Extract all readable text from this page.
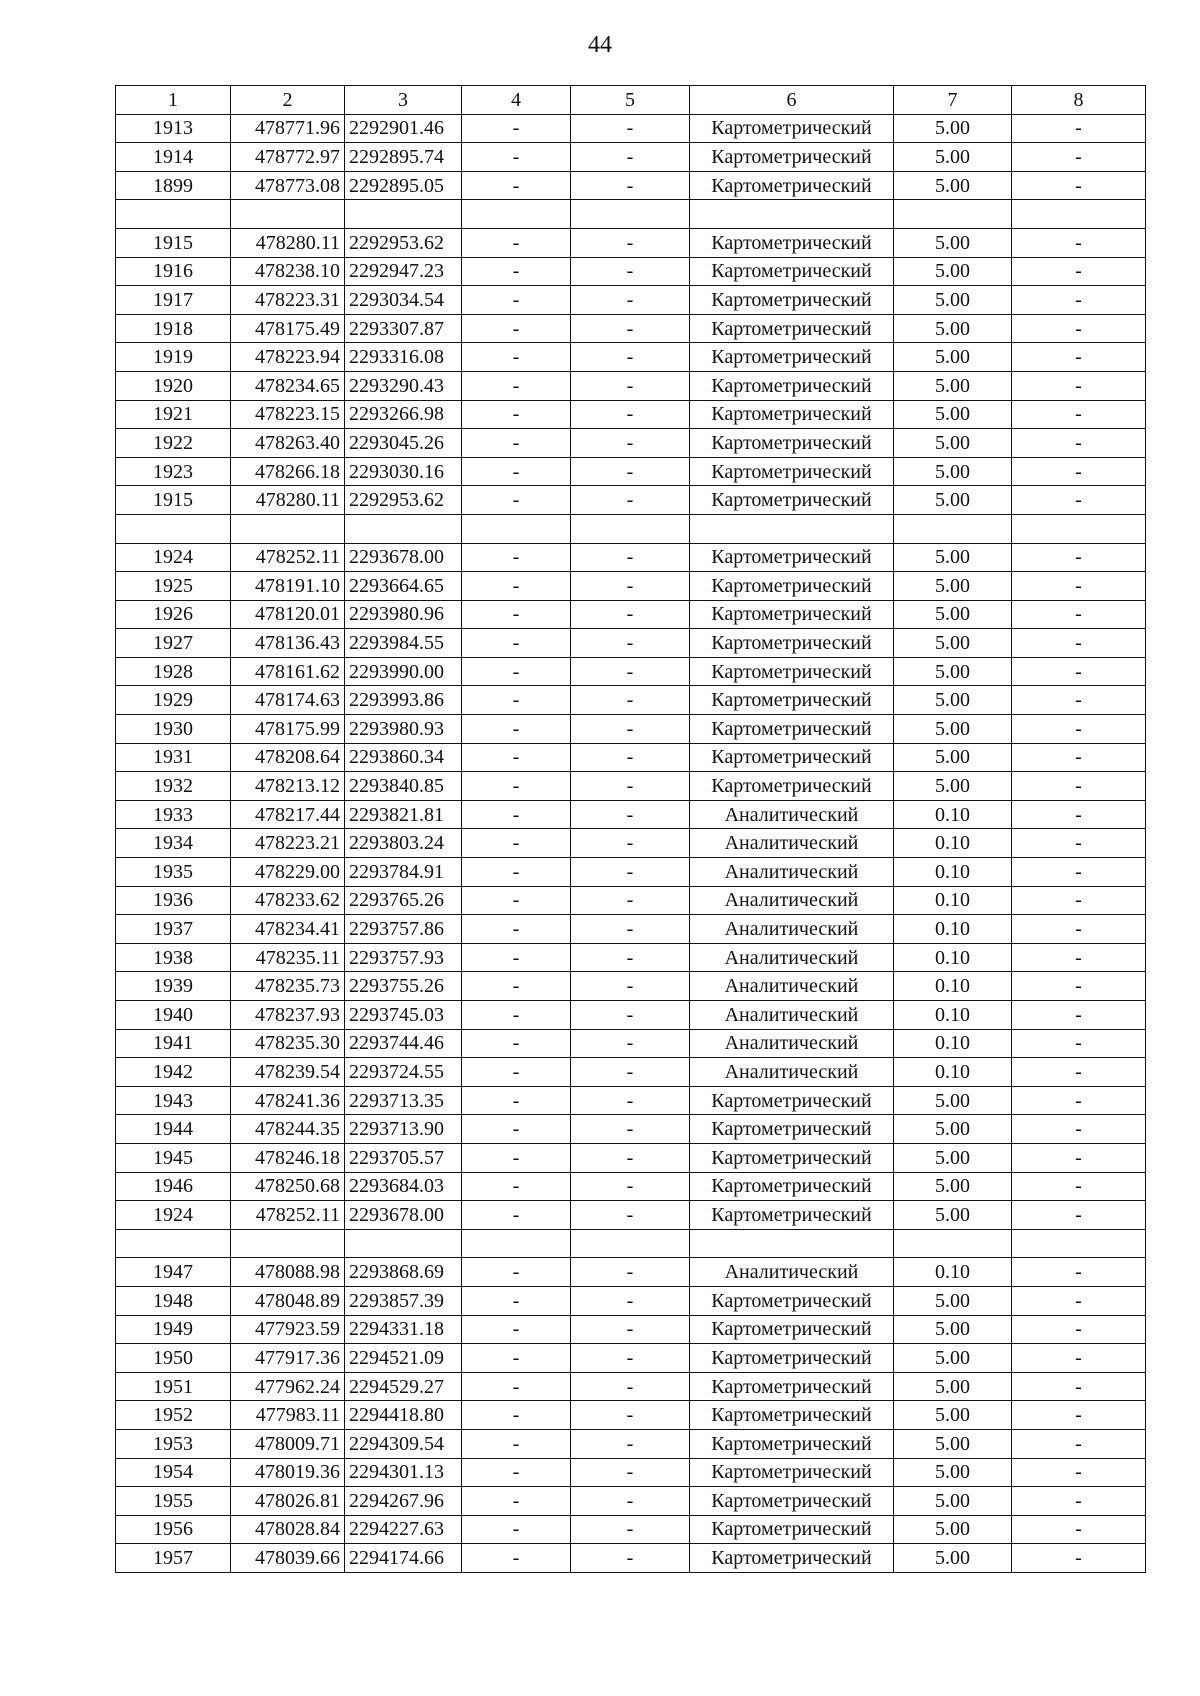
44
1	2	3	4	5	6	7	8
1913	478771.96	2292901.46	-	-	Картометрический	5.00	-
1914	478772.97	2292895.74	-	-	Картометрический	5.00	-
1899	478773.08	2292895.05	-	-	Картометрический	5.00	-

1915	478280.11	2292953.62	-	-	Картометрический	5.00	-
1916	478238.10	2292947.23	-	-	Картометрический	5.00	-
1917	478223.31	2293034.54	-	-	Картометрический	5.00	-
1918	478175.49	2293307.87	-	-	Картометрический	5.00	-
1919	478223.94	2293316.08	-	-	Картометрический	5.00	-
1920	478234.65	2293290.43	-	-	Картометрический	5.00	-
1921	478223.15	2293266.98	-	-	Картометрический	5.00	-
1922	478263.40	2293045.26	-	-	Картометрический	5.00	-
1923	478266.18	2293030.16	-	-	Картометрический	5.00	-
1915	478280.11	2292953.62	-	-	Картометрический	5.00	-

1924	478252.11	2293678.00	-	-	Картометрический	5.00	-
1925	478191.10	2293664.65	-	-	Картометрический	5.00	-
1926	478120.01	2293980.96	-	-	Картометрический	5.00	-
1927	478136.43	2293984.55	-	-	Картометрический	5.00	-
1928	478161.62	2293990.00	-	-	Картометрический	5.00	-
1929	478174.63	2293993.86	-	-	Картометрический	5.00	-
1930	478175.99	2293980.93	-	-	Картометрический	5.00	-
1931	478208.64	2293860.34	-	-	Картометрический	5.00	-
1932	478213.12	2293840.85	-	-	Картометрический	5.00	-
1933	478217.44	2293821.81	-	-	Аналитический	0.10	-
1934	478223.21	2293803.24	-	-	Аналитический	0.10	-
1935	478229.00	2293784.91	-	-	Аналитический	0.10	-
1936	478233.62	2293765.26	-	-	Аналитический	0.10	-
1937	478234.41	2293757.86	-	-	Аналитический	0.10	-
1938	478235.11	2293757.93	-	-	Аналитический	0.10	-
1939	478235.73	2293755.26	-	-	Аналитический	0.10	-
1940	478237.93	2293745.03	-	-	Аналитический	0.10	-
1941	478235.30	2293744.46	-	-	Аналитический	0.10	-
1942	478239.54	2293724.55	-	-	Аналитический	0.10	-
1943	478241.36	2293713.35	-	-	Картометрический	5.00	-
1944	478244.35	2293713.90	-	-	Картометрический	5.00	-
1945	478246.18	2293705.57	-	-	Картометрический	5.00	-
1946	478250.68	2293684.03	-	-	Картометрический	5.00	-
1924	478252.11	2293678.00	-	-	Картометрический	5.00	-

1947	478088.98	2293868.69	-	-	Аналитический	0.10	-
1948	478048.89	2293857.39	-	-	Картометрический	5.00	-
1949	477923.59	2294331.18	-	-	Картометрический	5.00	-
1950	477917.36	2294521.09	-	-	Картометрический	5.00	-
1951	477962.24	2294529.27	-	-	Картометрический	5.00	-
1952	477983.11	2294418.80	-	-	Картометрический	5.00	-
1953	478009.71	2294309.54	-	-	Картометрический	5.00	-
1954	478019.36	2294301.13	-	-	Картометрический	5.00	-
1955	478026.81	2294267.96	-	-	Картометрический	5.00	-
1956	478028.84	2294227.63	-	-	Картометрический	5.00	-
1957	478039.66	2294174.66	-	-	Картометрический	5.00	-
